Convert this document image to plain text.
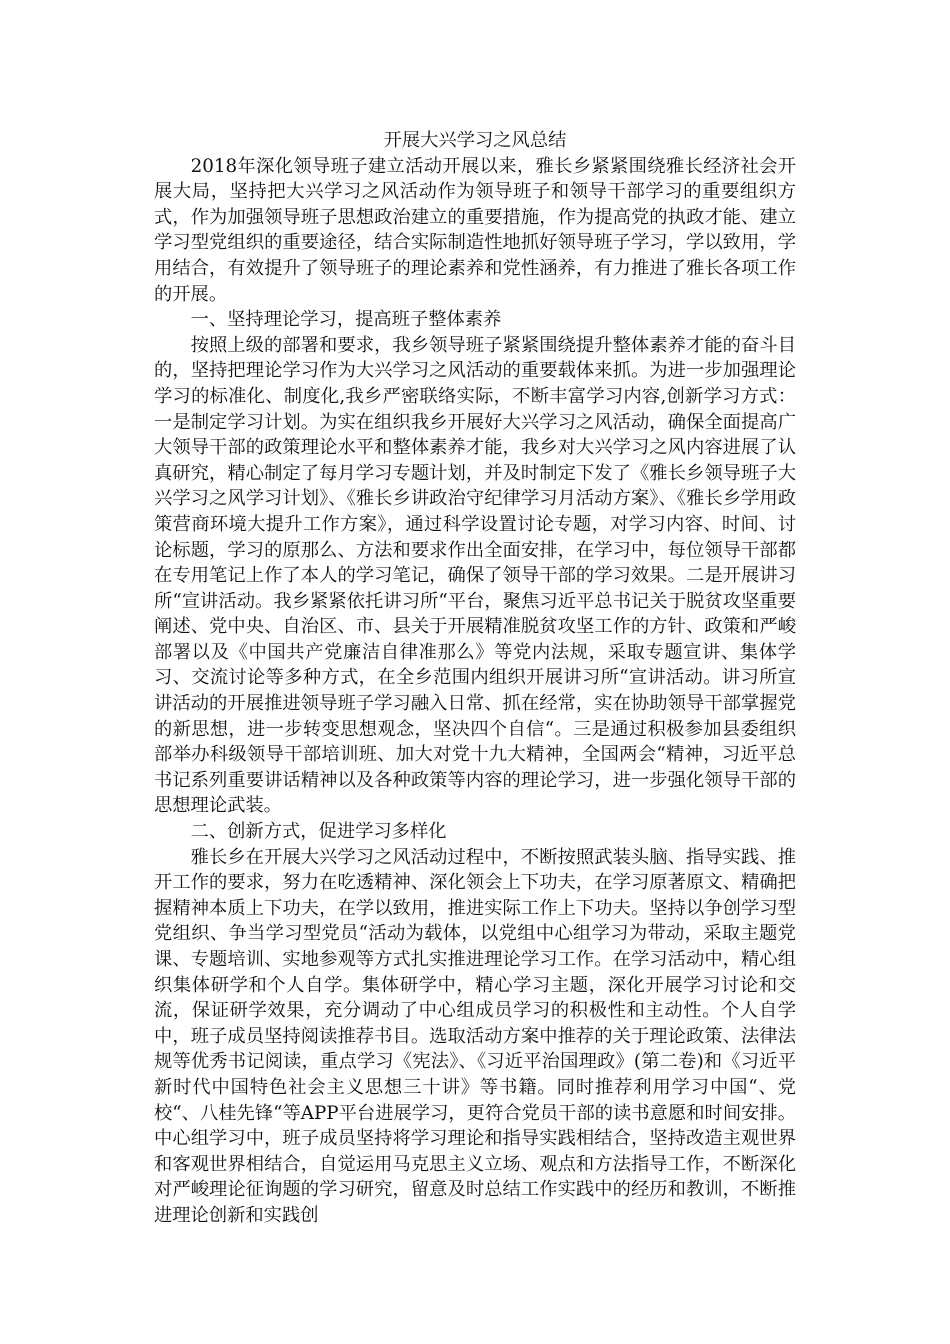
开展大兴学习之风总结

2018年深化领导班子建立活动开展以来，雅长乡紧紧围绕雅长经济社会开展大局，坚持把大兴学习之风活动作为领导班子和领导干部学习的重要组织方式，作为加强领导班子思想政治建立的重要措施，作为提高党的执政才能、建立学习型党组织的重要途径，结合实际制造性地抓好领导班子学习，学以致用，学用结合，有效提升了领导班子的理论素养和党性涵养，有力推进了雅长各项工作的开展。

一、坚持理论学习，提高班子整体素养

按照上级的部署和要求，我乡领导班子紧紧围绕提升整体素养才能的奋斗目的，坚持把理论学习作为大兴学习之风活动的重要载体来抓。为进一步加强理论学习的标准化、制度化,我乡严密联络实际，不断丰富学习内容,创新学习方式：一是制定学习计划。为实在组织我乡开展好大兴学习之风活动，确保全面提高广大领导干部的政策理论水平和整体素养才能，我乡对大兴学习之风内容进展了认真研究，精心制定了每月学习专题计划，并及时制定下发了《雅长乡领导班子大兴学习之风学习计划》、《雅长乡讲政治守纪律学习月活动方案》、《雅长乡学用政策营商环境大提升工作方案》，通过科学设置讨论专题，对学习内容、时间、讨论标题，学习的原那么、方法和要求作出全面安排，在学习中，每位领导干部都在专用笔记上作了本人的学习笔记，确保了领导干部的学习效果。二是开展讲习所“宣讲活动。我乡紧紧依托讲习所“平台，聚焦习近平总书记关于脱贫攻坚重要阐述、党中央、自治区、市、县关于开展精准脱贫攻坚工作的方针、政策和严峻部署以及《中国共产党廉洁自律准那么》等党内法规，采取专题宣讲、集体学习、交流讨论等多种方式，在全乡范围内组织开展讲习所“宣讲活动。讲习所宣讲活动的开展推进领导班子学习融入日常、抓在经常，实在协助领导干部掌握党的新思想，进一步转变思想观念，坚决四个自信“。三是通过积极参加县委组织部举办科级领导干部培训班、加大对党十九大精神，全国两会“精神，习近平总书记系列重要讲话精神以及各种政策等内容的理论学习，进一步强化领导干部的思想理论武装。

二、创新方式，促进学习多样化

雅长乡在开展大兴学习之风活动过程中，不断按照武装头脑、指导实践、推开工作的要求，努力在吃透精神、深化领会上下功夫，在学习原著原文、精确把握精神本质上下功夫，在学以致用，推进实际工作上下功夫。坚持以争创学习型党组织、争当学习型党员“活动为载体，以党组中心组学习为带动，采取主题党课、专题培训、实地参观等方式扎实推进理论学习工作。在学习活动中，精心组织集体研学和个人自学。集体研学中，精心学习主题，深化开展学习讨论和交流，保证研学效果，充分调动了中心组成员学习的积极性和主动性。个人自学中，班子成员坚持阅读推荐书目。选取活动方案中推荐的关于理论政策、法律法规等优秀书记阅读，重点学习《宪法》、《习近平治国理政》(第二卷)和《习近平新时代中国特色社会主义思想三十讲》等书籍。同时推荐利用学习中国“、党校“、八桂先锋“等APP平台进展学习，更符合党员干部的读书意愿和时间安排。中心组学习中，班子成员坚持将学习理论和指导实践相结合，坚持改造主观世界和客观世界相结合，自觉运用马克思主义立场、观点和方法指导工作，不断深化对严峻理论征询题的学习研究，留意及时总结工作实践中的经历和教训，不断推进理论创新和实践创
